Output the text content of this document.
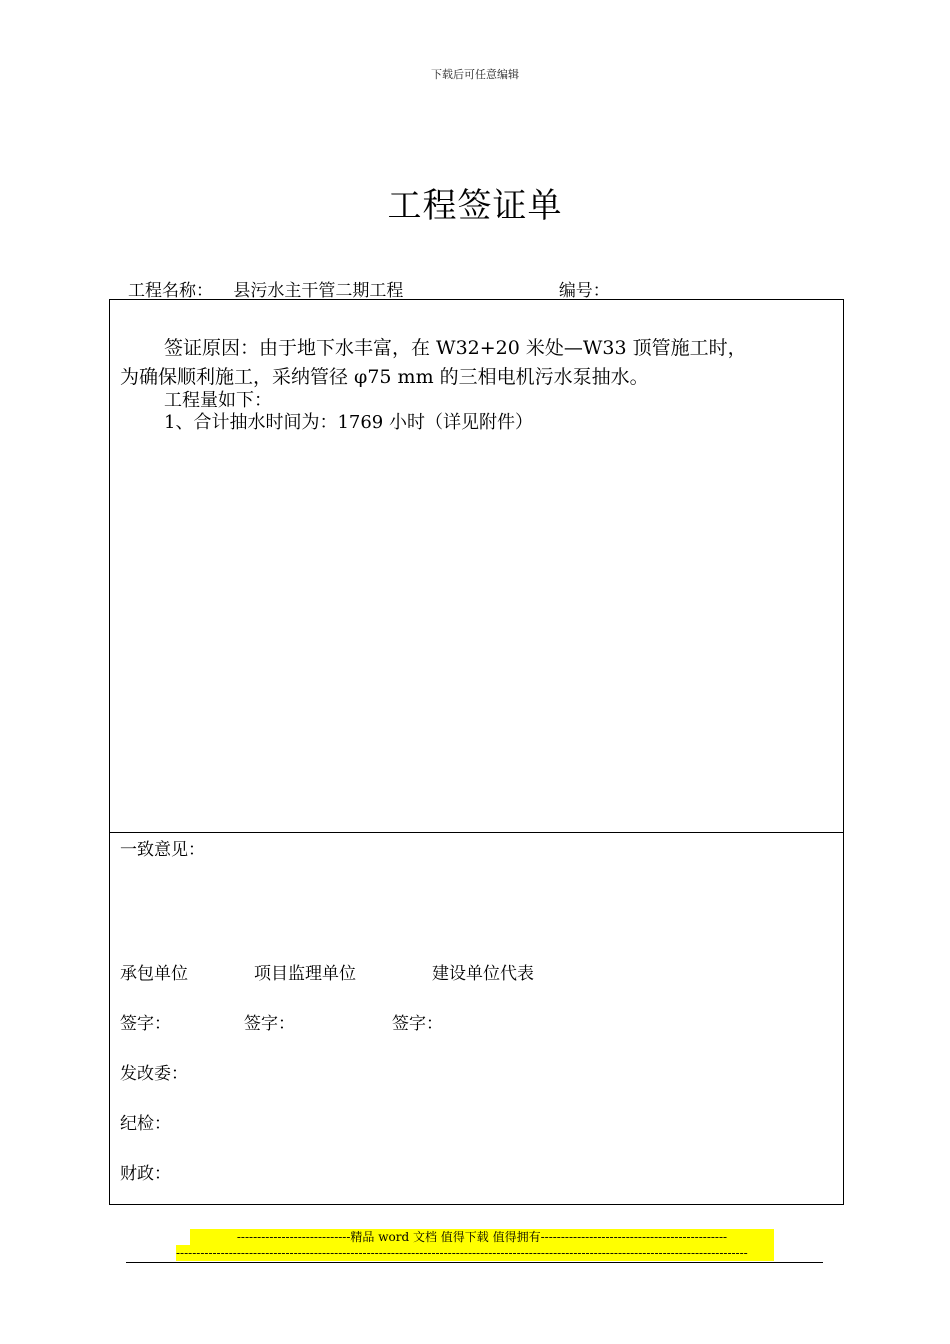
下载后可任意编辑
工程签证单
工程名称： 县污水主干管二期工程	编号：

签证原因：由于地下水丰富，在 W32+20 米处—W33 顶管施工时，

为确保顺利施工，采纳管径 φ75 mm 的三相电机污水泵抽水。

工程量如下：

1、合计抽水时间为：1769 小时（详见附件）

一致意见：
承包单位	项目监理单位	建设单位代表
签字：	签字：	签字：
发改委：
纪检：
财政：
----------------------------精品 word 文档 值得下载 值得拥有----------------------------------------------
---------------------------------------------------------------------------------------------------------------------------------------------
